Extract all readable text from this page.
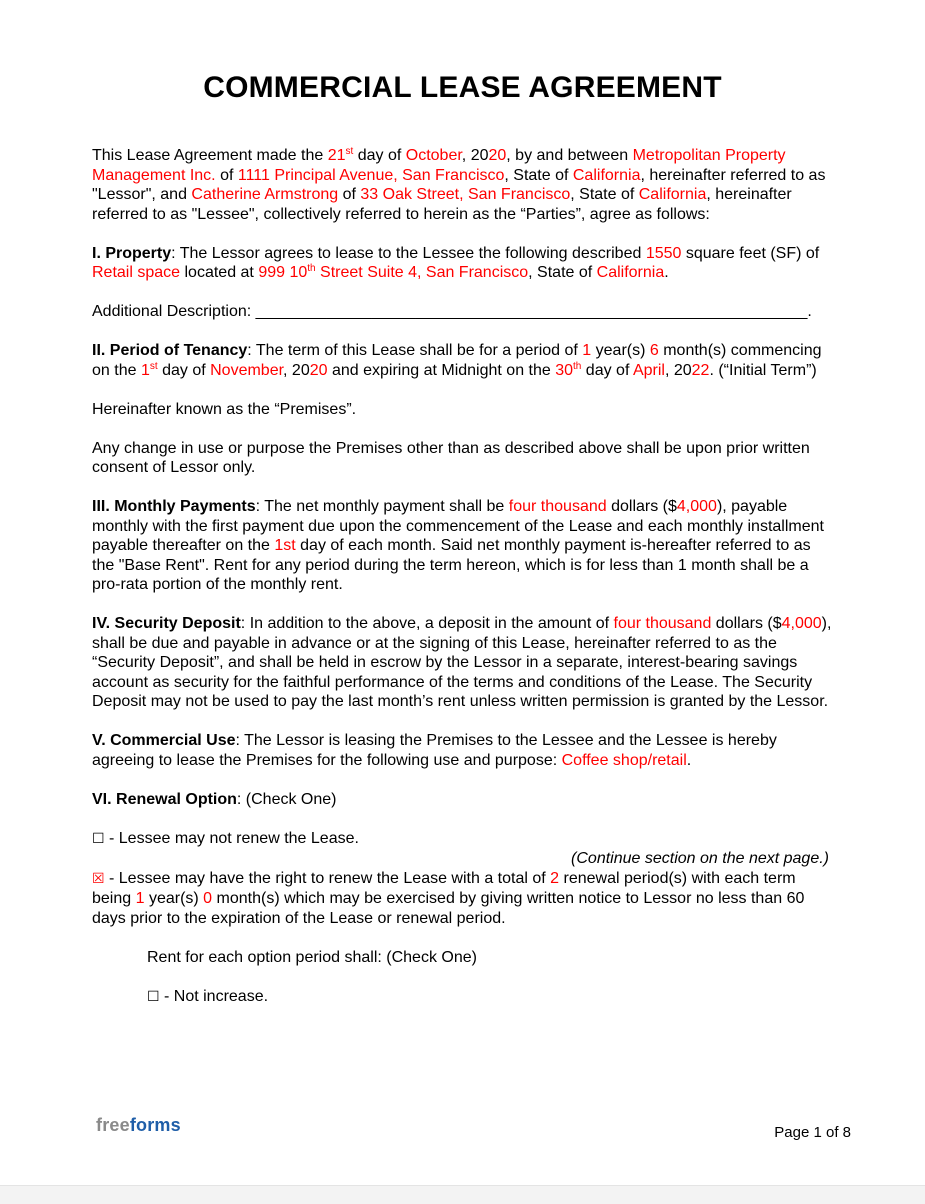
COMMERCIAL LEASE AGREEMENT

This Lease Agreement made the 21st day of October, 2020, by and between Metropolitan Property Management Inc. of 1111 Principal Avenue, San Francisco, State of California, hereinafter referred to as "Lessor", and Catherine Armstrong of 33 Oak Street, San Francisco, State of California, hereinafter referred to as "Lessee", collectively referred to herein as the “Parties”, agree as follows:

I. Property: The Lessor agrees to lease to the Lessee the following described 1550 square feet (SF) of Retail space located at 999 10th Street Suite 4, San Francisco, State of California.

Additional Description: ______________________________________________________________.

II. Period of Tenancy: The term of this Lease shall be for a period of 1 year(s) 6 month(s) commencing on the 1st day of November, 2020 and expiring at Midnight on the 30th day of April, 2022. (“Initial Term”)

Hereinafter known as the “Premises”.

Any change in use or purpose the Premises other than as described above shall be upon prior written consent of Lessor only.

III. Monthly Payments: The net monthly payment shall be four thousand dollars ($4,000), payable monthly with the first payment due upon the commencement of the Lease and each monthly installment payable thereafter on the 1st day of each month. Said net monthly payment is-hereafter referred to as the "Base Rent". Rent for any period during the term hereon, which is for less than 1 month shall be a pro-rata portion of the monthly rent.

IV. Security Deposit: In addition to the above, a deposit in the amount of four thousand dollars ($4,000), shall be due and payable in advance or at the signing of this Lease, hereinafter referred to as the “Security Deposit”, and shall be held in escrow by the Lessor in a separate, interest-bearing savings account as security for the faithful performance of the terms and conditions of the Lease. The Security Deposit may not be used to pay the last month’s rent unless written permission is granted by the Lessor.

V. Commercial Use: The Lessor is leasing the Premises to the Lessee and the Lessee is hereby agreeing to lease the Premises for the following use and purpose: Coffee shop/retail.

VI. Renewal Option: (Check One)

☐ - Lessee may not renew the Lease.

(Continue section on the next page.)

☒ - Lessee may have the right to renew the Lease with a total of 2 renewal period(s) with each term being 1 year(s) 0 month(s) which may be exercised by giving written notice to Lessor no less than 60 days prior to the expiration of the Lease or renewal period.

Rent for each option period shall: (Check One)

☐ - Not increase.

freeforms	Page 1 of 8
